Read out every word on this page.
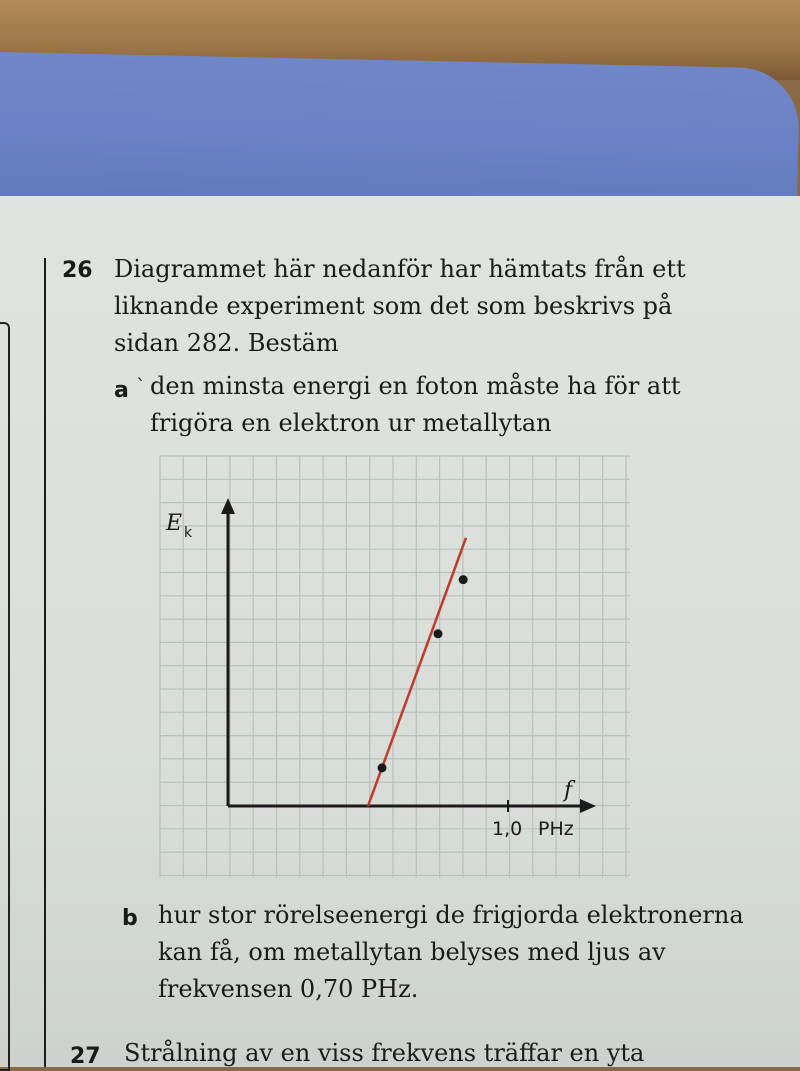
26 Diagrammet här nedanför har hämtats från ett
liknande experiment som det som beskrivs på
sidan 282. Bestäm
a ` den minsta energi en foton måste ha för att
frigöra en elektron ur metallytan
E k
f
1,0 PHz
b hur stor rörelseenergi de frigjorda elektronerna
kan få, om metallytan belyses med ljus av
frekvensen 0,70 PHz.
27 Strålning av en viss frekvens träffar en yta
